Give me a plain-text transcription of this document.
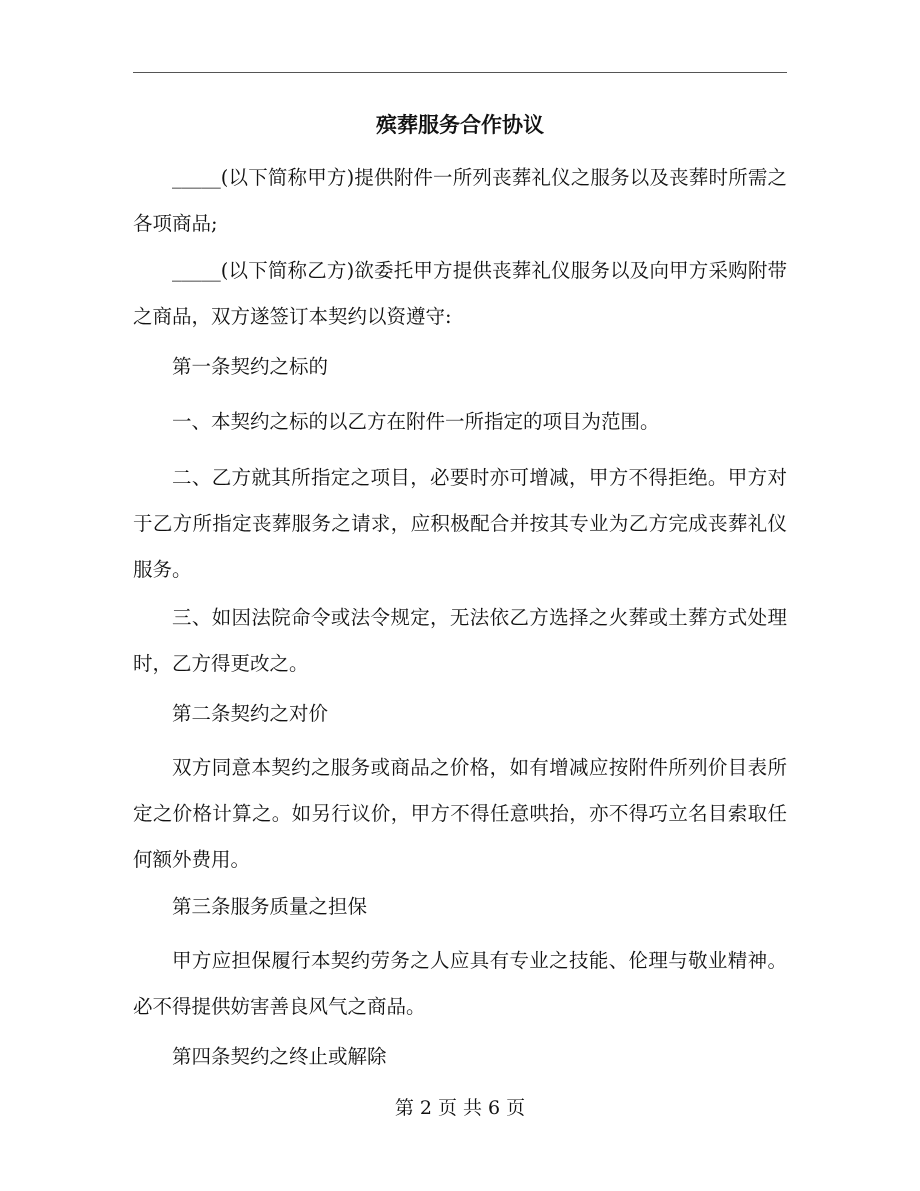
殡葬服务合作协议

_____(以下简称甲方)提供附件一所列丧葬礼仪之服务以及丧葬时所需之各项商品;

_____(以下简称乙方)欲委托甲方提供丧葬礼仪服务以及向甲方采购附带之商品，双方遂签订本契约以资遵守:

第一条契约之标的

一、本契约之标的以乙方在附件一所指定的项目为范围。

二、乙方就其所指定之项目，必要时亦可增减，甲方不得拒绝。甲方对于乙方所指定丧葬服务之请求，应积极配合并按其专业为乙方完成丧葬礼仪服务。

三、如因法院命令或法令规定，无法依乙方选择之火葬或土葬方式处理时，乙方得更改之。

第二条契约之对价

双方同意本契约之服务或商品之价格，如有增减应按附件所列价目表所定之价格计算之。如另行议价，甲方不得任意哄抬，亦不得巧立名目索取任何额外费用。

第三条服务质量之担保

甲方应担保履行本契约劳务之人应具有专业之技能、伦理与敬业精神。必不得提供妨害善良风气之商品。

第四条契约之终止或解除

第 2 页 共 6 页
